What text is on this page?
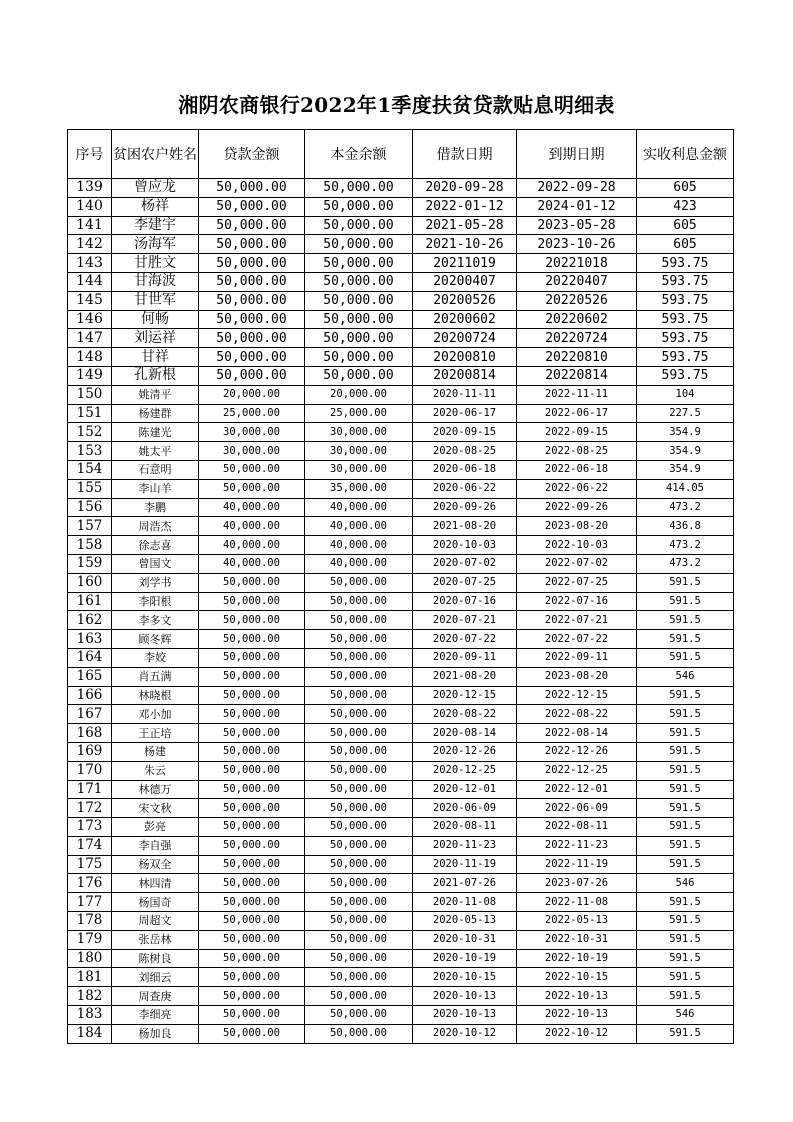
湘阴农商银行2022年1季度扶贫贷款贴息明细表
序号	贫困农户姓名	贷款金额	本金余额	借款日期	到期日期	实收利息金额
139	曾应龙	50,000.00	50,000.00	2020-09-28	2022-09-28	605
140	杨祥	50,000.00	50,000.00	2022-01-12	2024-01-12	423
141	李建宇	50,000.00	50,000.00	2021-05-28	2023-05-28	605
142	汤海军	50,000.00	50,000.00	2021-10-26	2023-10-26	605
143	甘胜文	50,000.00	50,000.00	20211019	20221018	593.75
144	甘海波	50,000.00	50,000.00	20200407	20220407	593.75
145	甘世军	50,000.00	50,000.00	20200526	20220526	593.75
146	何畅	50,000.00	50,000.00	20200602	20220602	593.75
147	刘运祥	50,000.00	50,000.00	20200724	20220724	593.75
148	甘祥	50,000.00	50,000.00	20200810	20220810	593.75
149	孔新根	50,000.00	50,000.00	20200814	20220814	593.75
150	姚清平	20,000.00	20,000.00	2020-11-11	2022-11-11	104
151	杨建群	25,000.00	25,000.00	2020-06-17	2022-06-17	227.5
152	陈建光	30,000.00	30,000.00	2020-09-15	2022-09-15	354.9
153	姚太平	30,000.00	30,000.00	2020-08-25	2022-08-25	354.9
154	石意明	50,000.00	30,000.00	2020-06-18	2022-06-18	354.9
155	李山羊	50,000.00	35,000.00	2020-06-22	2022-06-22	414.05
156	李鹏	40,000.00	40,000.00	2020-09-26	2022-09-26	473.2
157	周浩杰	40,000.00	40,000.00	2021-08-20	2023-08-20	436.8
158	徐志喜	40,000.00	40,000.00	2020-10-03	2022-10-03	473.2
159	曾国文	40,000.00	40,000.00	2020-07-02	2022-07-02	473.2
160	刘学书	50,000.00	50,000.00	2020-07-25	2022-07-25	591.5
161	李阳根	50,000.00	50,000.00	2020-07-16	2022-07-16	591.5
162	李多文	50,000.00	50,000.00	2020-07-21	2022-07-21	591.5
163	顾冬辉	50,000.00	50,000.00	2020-07-22	2022-07-22	591.5
164	李姣	50,000.00	50,000.00	2020-09-11	2022-09-11	591.5
165	肖五满	50,000.00	50,000.00	2021-08-20	2023-08-20	546
166	林晓根	50,000.00	50,000.00	2020-12-15	2022-12-15	591.5
167	邓小加	50,000.00	50,000.00	2020-08-22	2022-08-22	591.5
168	王正培	50,000.00	50,000.00	2020-08-14	2022-08-14	591.5
169	杨建	50,000.00	50,000.00	2020-12-26	2022-12-26	591.5
170	朱云	50,000.00	50,000.00	2020-12-25	2022-12-25	591.5
171	林德万	50,000.00	50,000.00	2020-12-01	2022-12-01	591.5
172	宋文秋	50,000.00	50,000.00	2020-06-09	2022-06-09	591.5
173	彭亮	50,000.00	50,000.00	2020-08-11	2022-08-11	591.5
174	李自强	50,000.00	50,000.00	2020-11-23	2022-11-23	591.5
175	杨双全	50,000.00	50,000.00	2020-11-19	2022-11-19	591.5
176	林四清	50,000.00	50,000.00	2021-07-26	2023-07-26	546
177	杨国奇	50,000.00	50,000.00	2020-11-08	2022-11-08	591.5
178	周超文	50,000.00	50,000.00	2020-05-13	2022-05-13	591.5
179	张岳林	50,000.00	50,000.00	2020-10-31	2022-10-31	591.5
180	陈树良	50,000.00	50,000.00	2020-10-19	2022-10-19	591.5
181	刘细云	50,000.00	50,000.00	2020-10-15	2022-10-15	591.5
182	周查庚	50,000.00	50,000.00	2020-10-13	2022-10-13	591.5
183	李细亮	50,000.00	50,000.00	2020-10-13	2022-10-13	546
184	杨加良	50,000.00	50,000.00	2020-10-12	2022-10-12	591.5
